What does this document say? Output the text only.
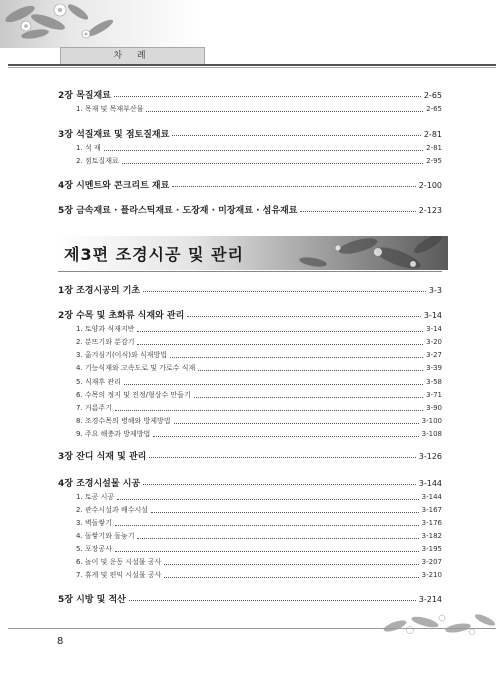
차 례
2장 목질재료	2-65
1. 목재 및 목재부산물	2-65
3장 석질재료 및 점토질재료	2-81
1. 석 재	2-81
2. 점토질재료	2-95
4장 시멘트와 콘크리트 재료	2-100
5장 금속재료 · 플라스틱재료 · 도장재 · 미장재료 · 섬유재료	2-123
제3편 조경시공 및 관리
1장 조경시공의 기초	3-3
2장 수목 및 초화류 식재와 관리	3-14
1. 토양과 식재지반	3-14
2. 분뜨기와 분감기	3-20
3. 옮겨심기(이식)와 식재방법	3-27
4. 기능식재와 고속도로 및 가로수 식재	3-39
5. 식재후 관리	3-58
6. 수목의 정지 및 전정/형상수 만들기	3-71
7. 거름주기	3-90
8. 조경수목의 병해와 방제방법	3-100
9. 주요 해충과 방제방법	3-108
3장 잔디 식재 및 관리	3-126
4장 조경시설물 시공	3-144
1. 토공 시공	3-144
2. 관수시설과 배수시설	3-167
3. 벽돌쌓기	3-176
4. 돌쌓기와 돌놓기	3-182
5. 포장공사	3-195
6. 놀이 및 운동 시설물 공사	3-207
7. 휴게 및 편익 시설물 공사	3-210
5장 시방 및 적산	3-214
8
